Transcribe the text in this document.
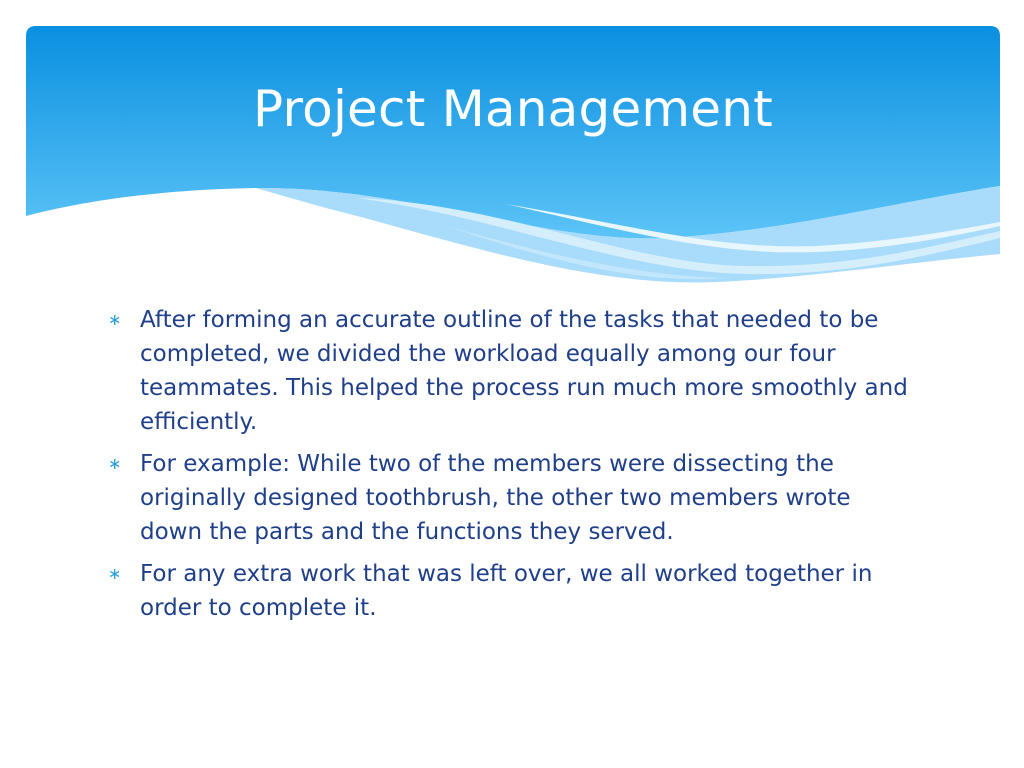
Project Management
∗ After forming an accurate outline of the tasks that needed to be completed, we divided the workload equally among our four teammates. This helped the process run much more smoothly and efficiently.
∗ For example: While two of the members were dissecting the originally designed toothbrush, the other two members wrote down the parts and the functions they served.
∗ For any extra work that was left over, we all worked together in order to complete it.
